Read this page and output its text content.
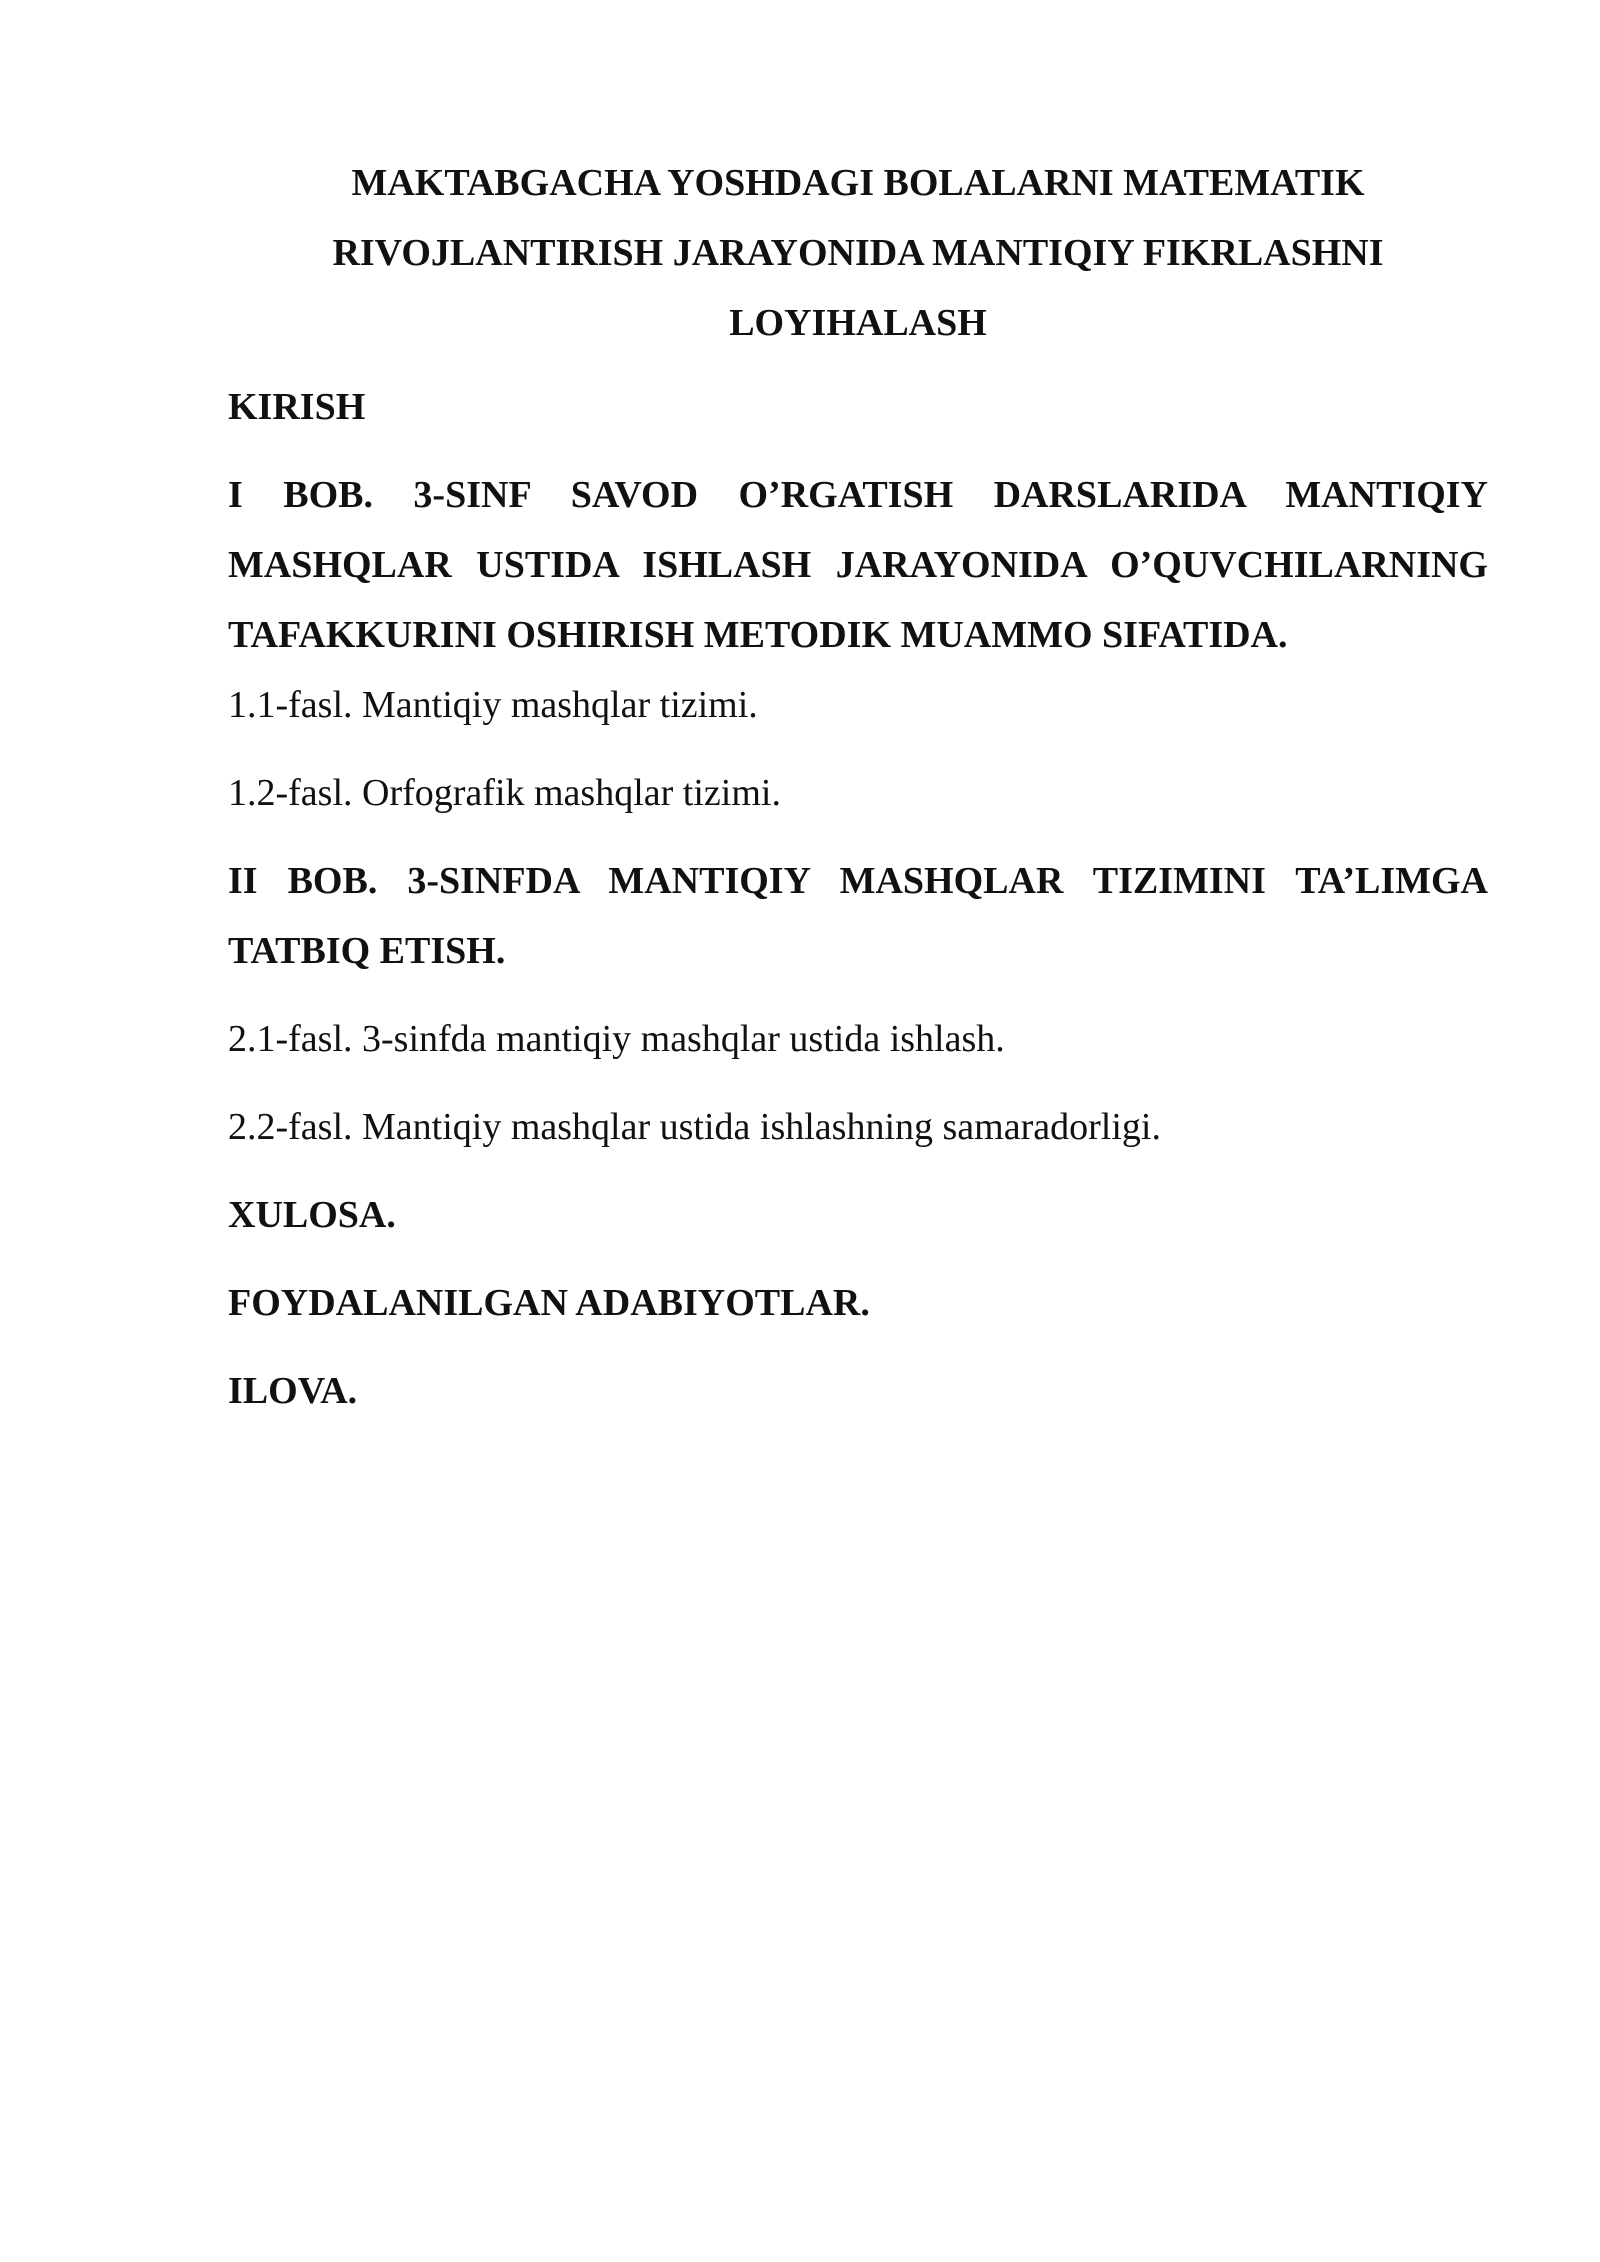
MAKTABGACHA YOSHDAGI BOLALARNI MATEMATIK
RIVOJLANTIRISH JARAYONIDA MANTIQIY FIKRLASHNI
LOYIHALASH
KIRISH
I BOB. 3-SINF SAVOD O’RGATISH DARSLARIDA MANTIQIY MASHQLAR USTIDA ISHLASH JARAYONIDA O’QUVCHILARNING TAFAKKURINI OSHIRISH METODIK MUAMMO SIFATIDA.
1.1-fasl. Mantiqiy mashqlar tizimi.
1.2-fasl. Orfografik mashqlar tizimi.
II BOB. 3-SINFDA MANTIQIY MASHQLAR TIZIMINI TA’LIMGA TATBIQ ETISH.
2.1-fasl. 3-sinfda mantiqiy mashqlar ustida ishlash.
2.2-fasl. Mantiqiy mashqlar ustida ishlashning samaradorligi.
XULOSA.
FOYDALANILGAN ADABIYOTLAR.
ILOVA.
